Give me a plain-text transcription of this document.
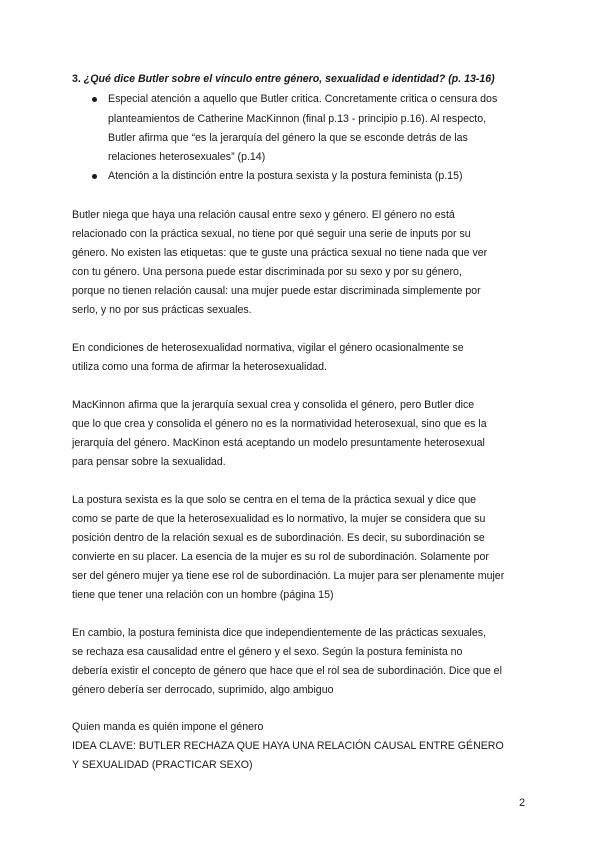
3. ¿Qué dice Butler sobre el vínculo entre género, sexualidad e identidad? (p. 13-16)
Especial atención a aquello que Butler critica. Concretamente critica o censura dos
planteamientos de Catherine MacKinnon (final p.13 - principio p.16). Al respecto,
Butler afirma que “es la jerarquía del género la que se esconde detrás de las
relaciones heterosexuales” (p.14)
Atención a la distinción entre la postura sexista y la postura feminista (p.15)
Butler niega que haya una relación causal entre sexo y género. El género no está
relacionado con la práctica sexual, no tiene por qué seguir una serie de inputs por su
género. No existen las etiquetas: que te guste una práctica sexual no tiene nada que ver
con tu género. Una persona puede estar discriminada por su sexo y por su género,
porque no tienen relación causal: una mujer puede estar discriminada simplemente por
serlo, y no por sus prácticas sexuales.
En condiciones de heterosexualidad normativa, vigilar el género ocasionalmente se
utiliza como una forma de afirmar la heterosexualidad.
MacKinnon afirma que la jerarquía sexual crea y consolida el género, pero Butler dice
que lo que crea y consolida el género no es la normatividad heterosexual, sino que es la
jerarquía del género. MacKinon está aceptando un modelo presuntamente heterosexual
para pensar sobre la sexualidad.
La postura sexista es la que solo se centra en el tema de la práctica sexual y dice que
como se parte de que la heterosexualidad es lo normativo, la mujer se considera que su
posición dentro de la relación sexual es de subordinación. Es decir, su subordinación se
convierte en su placer. La esencia de la mujer es su rol de subordinación. Solamente por
ser del género mujer ya tiene ese rol de subordinación. La mujer para ser plenamente mujer
tiene que tener una relación con un hombre (página 15)
En cambio, la postura feminista dice que independientemente de las prácticas sexuales,
se rechaza esa causalidad entre el género y el sexo. Según la postura feminista no
debería existir el concepto de género que hace que el rol sea de subordinación. Dice que el
género debería ser derrocado, suprimido, algo ambiguo
Quien manda es quién impone el género
IDEA CLAVE: BUTLER RECHAZA QUE HAYA UNA RELACIÓN CAUSAL ENTRE GÉNERO
Y SEXUALIDAD (PRACTICAR SEXO)
2
